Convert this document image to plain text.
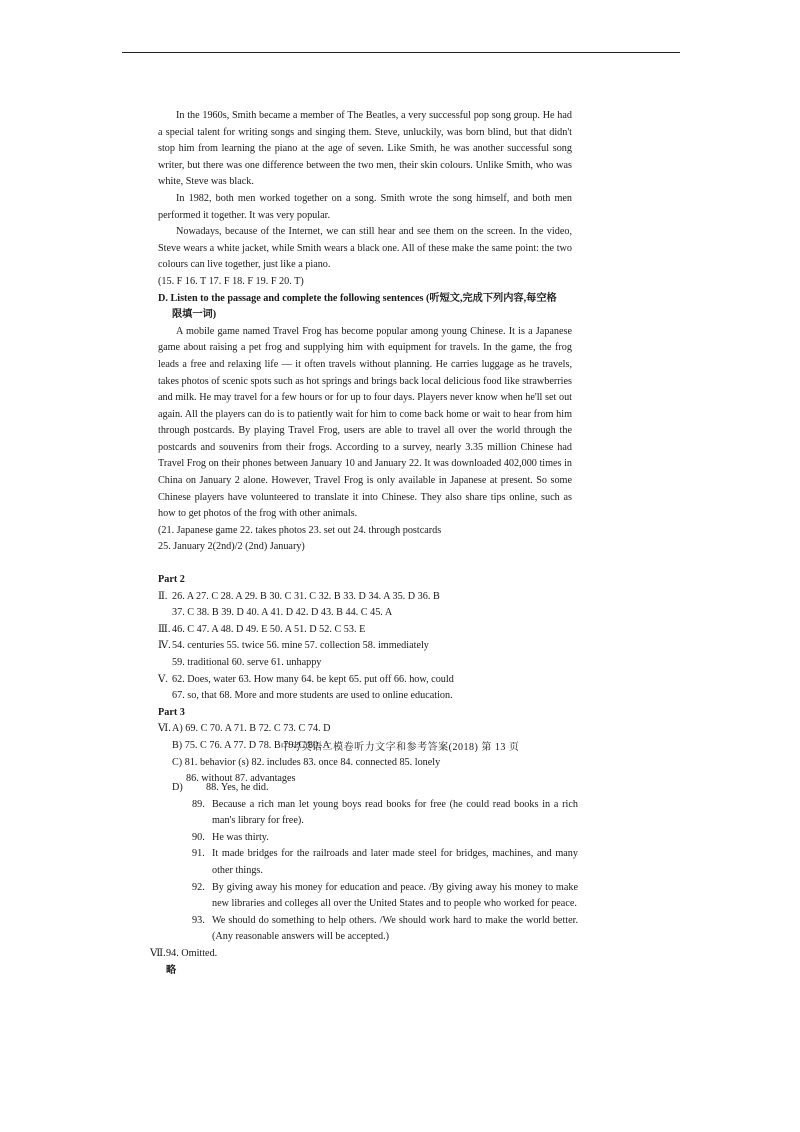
In the 1960s, Smith became a member of The Beatles, a very successful pop song group. He had a special talent for writing songs and singing them. Steve, unluckily, was born blind, but that didn't stop him from learning the piano at the age of seven. Like Smith, he was another successful song writer, but there was one difference between the two men, their skin colours. Unlike Smith, who was white, Steve was black.

In 1982, both men worked together on a song. Smith wrote the song himself, and both men performed it together. It was very popular.

Nowadays, because of the Internet, we can still hear and see them on the screen. In the video, Steve wears a white jacket, while Smith wears a black one. All of these make the same point: the two colours can live together, just like a piano.

(15. F 16. T 17. F 18. F 19. F 20. T)

D. Listen to the passage and complete the following sentences (听短文,完成下列内容,每空格
限填一词)

A mobile game named Travel Frog has become popular among young Chinese. It is a Japanese game about raising a pet frog and supplying him with equipment for travels. In the game, the frog leads a free and relaxing life — it often travels without planning. He carries luggage as he travels, takes photos of scenic spots such as hot springs and brings back local delicious food like strawberries and milk. He may travel for a few hours or for up to four days. Players never know when he'll set out again. All the players can do is to patiently wait for him to come back home or wait to hear from him through postcards. By playing Travel Frog, users are able to travel all over the world through the postcards and souvenirs from their frogs. According to a survey, nearly 3.35 million Chinese had Travel Frog on their phones between January 10 and January 22. It was downloaded 402,000 times in China on January 2 alone. However, Travel Frog is only available in Japanese at present. So some Chinese players have volunteered to translate it into Chinese. They also share tips online, such as how to get photos of the frog with other animals.

(21. Japanese game 22. takes photos 23. set out 24. through postcards

25. January 2(2nd)/2 (2nd) January)

Part 2

Ⅱ. 26. A 27. C 28. A 29. B 30. C 31. C 32. B 33. D 34. A 35. D 36. B

37. C 38. B 39. D 40. A 41. D 42. D 43. B 44. C 45. A

Ⅲ. 46. C 47. A 48. D 49. E 50. A 51. D 52. C 53. E
Ⅳ. 54. centuries 55. twice 56. mine 57. collection 58. immediately

59. traditional 60. serve 61. unhappy

Ⅴ. 62. Does, water 63. How many 64. be kept 65. put off 66. how, could

67. so, that 68. More and more students are used to online education.

Part 3

Ⅵ. A) 69. C 70. A 71. B 72. C 73. C 74. D
B) 75. C 76. A 77. D 78. B 79. C 80. A
C) 81. behavior (s) 82. includes 83. once 84. connected 85. lonely

86. without 87. advantages

中考英语二模卷听力文字和参考答案(2018) 第 13 页
D)	88. Yes, he did.
89. Because a rich man let young boys read books for free (he could read books in a rich man's library for free).
90. He was thirty.
91. It made bridges for the railroads and later made steel for bridges, machines, and many other things.
92. By giving away his money for education and peace. /By giving away his money to make new libraries and colleges all over the United States and to people who worked for peace.
93. We should do something to help others. /We should work hard to make the world better. (Any reasonable answers will be accepted.)
Ⅶ. 94. Omitted.

略
